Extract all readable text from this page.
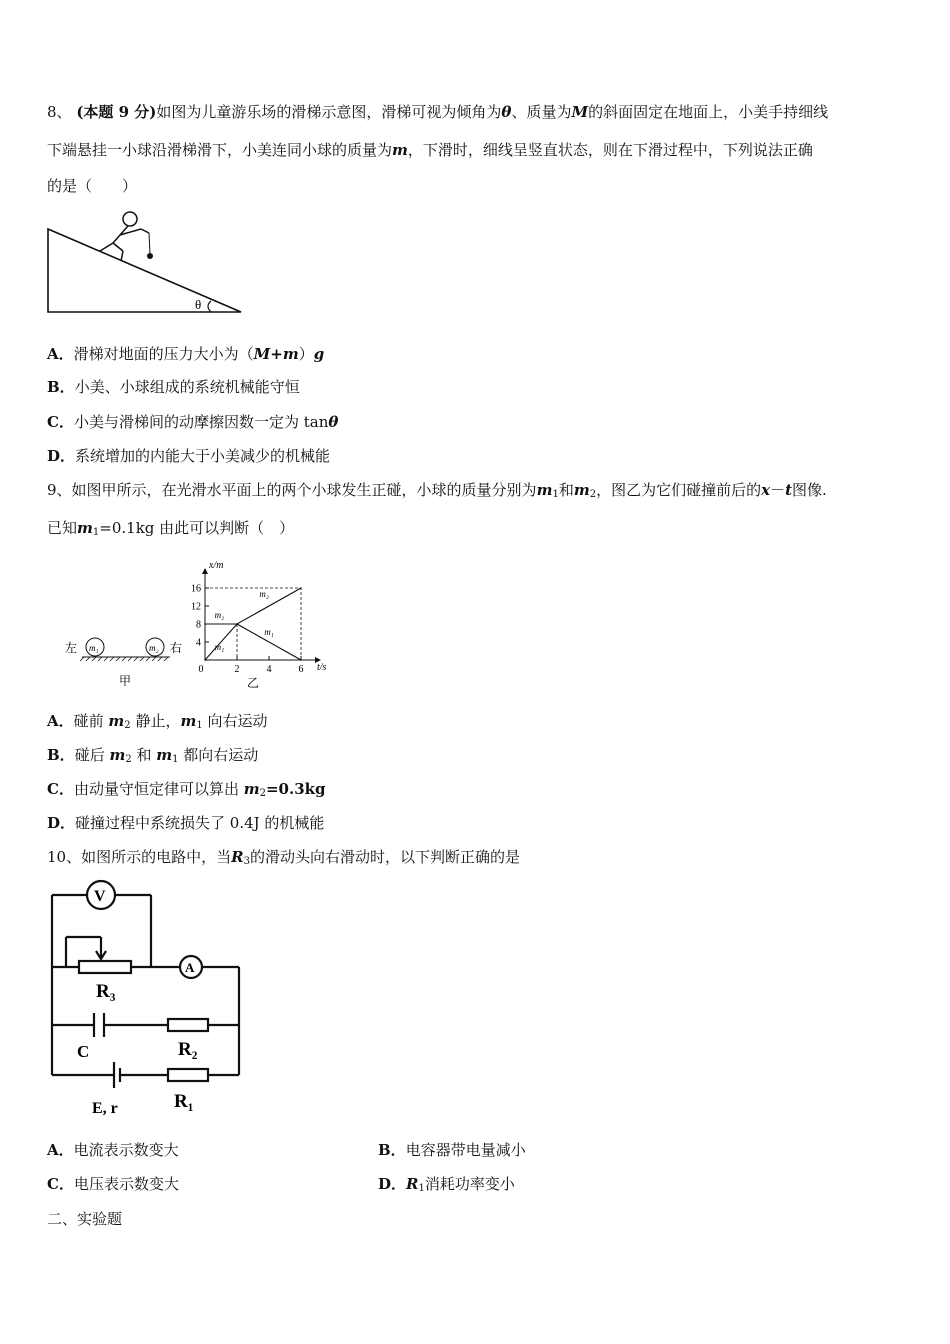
8、 (本题 9 分)如图为儿童游乐场的滑梯示意图，滑梯可视为倾角为θ、质量为M的斜面固定在地面上，小美手持细线
下端悬挂一小球沿滑梯滑下，小美连同小球的质量为m，下滑时，细线呈竖直状态，则在下滑过程中，下列说法正确
的是（　　）
θ
A．滑梯对地面的压力大小为（M+m）g
B．小美、小球组成的系统机械能守恒
C．小美与滑梯间的动摩擦因数一定为 tanθ
D．系统增加的内能大于小美减少的机械能
9、如图甲所示，在光滑水平面上的两个小球发生正碰，小球的质量分别为$m_1$和$m_2$，图乙为它们碰撞前后的x－t图像.
已知$m_1=0.1kg$ 由此可以判断（　）
左 m₁	m₂ 右
甲
x/m
t/s
乙
4
8
12
16
0	2	4	6
m₁
m₁
m₂
m₂
A．碰前 $m_2$ 静止，$m_1$ 向右运动
B．碰后 $m_2$ 和 $m_1$ 都向右运动
C．由动量守恒定律可以算出 $m_2=0.3kg$
D．碰撞过程中系统损失了 0.4J 的机械能
10、如图所示的电路中，当$R_3$的滑动头向右滑动时，以下判断正确的是
V
A
R₃
C	R₂
R₁
E, r
A．电流表示数变大	B．电容器带电量减小
C．电压表示数变大	D．$R_1$消耗功率变小
二、实验题
